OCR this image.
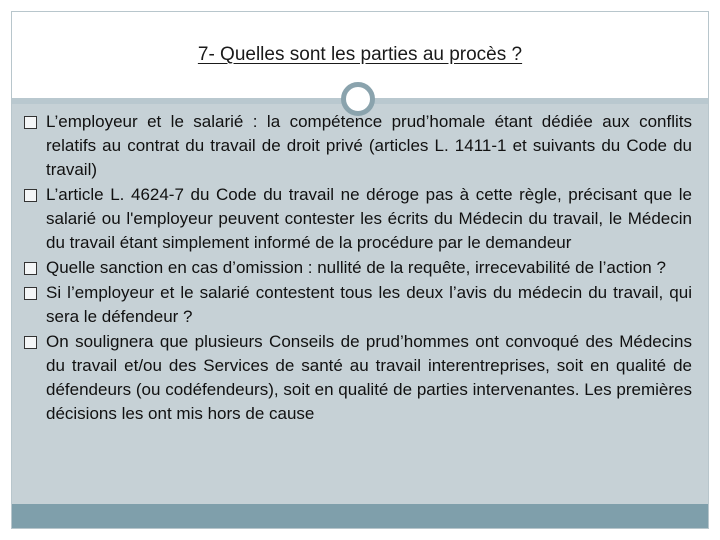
7- Quelles sont les parties au procès ?
L’employeur et le salarié : la compétence prud’homale étant dédiée aux conflits relatifs au contrat du travail de droit privé (articles L. 1411-1 et suivants du Code du travail)
L’article L. 4624-7 du Code du travail ne déroge pas à cette règle, précisant que le salarié ou l'employeur peuvent contester les écrits du Médecin du travail, le Médecin du travail étant simplement informé de la procédure par le demandeur
Quelle sanction en cas d’omission : nullité de la requête, irrecevabilité de l’action ?
Si l’employeur et le salarié contestent tous les deux l’avis du médecin du travail, qui sera le défendeur ?
On soulignera que plusieurs Conseils de prud’hommes ont convoqué des Médecins du travail et/ou des Services de santé au travail interentreprises, soit en qualité de défendeurs (ou codéfendeurs), soit en qualité de parties intervenantes. Les premières décisions les ont mis hors de cause
